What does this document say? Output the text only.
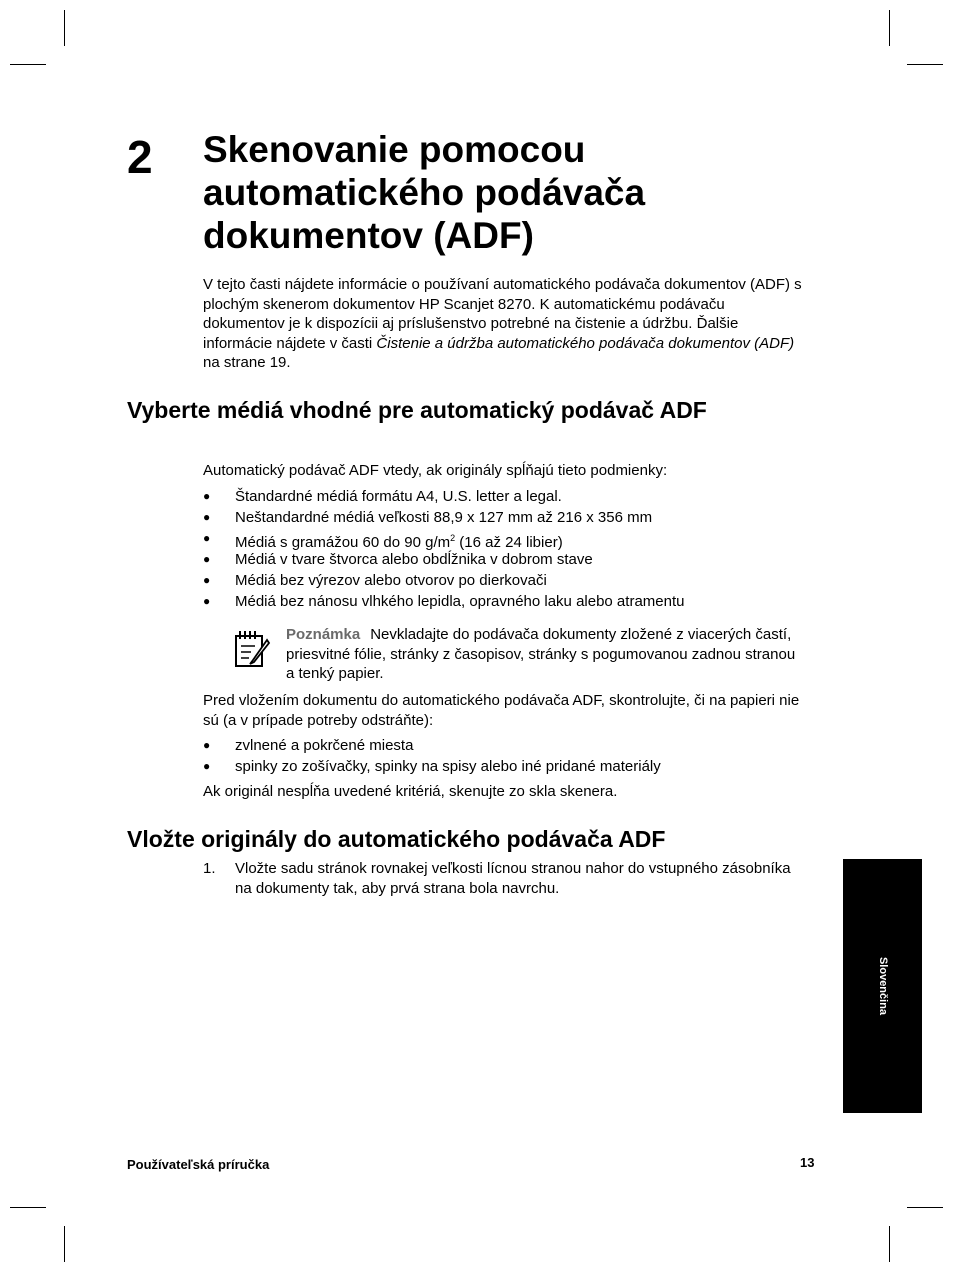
2 Skenovanie pomocou
automatického podávača
dokumentov (ADF)

V tejto časti nájdete informácie o používaní automatického podávača dokumentov (ADF) s plochým skenerom dokumentov HP Scanjet 8270. K automatickému podávaču dokumentov je k dispozícii aj príslušenstvo potrebné na čistenie a údržbu. Ďalšie informácie nájdete v časti Čistenie a údržba automatického podávača dokumentov (ADF) na strane 19.

Vyberte médiá vhodné pre automatický podávač ADF

Automatický podávač ADF vtedy, ak originály spĺňajú tieto podmienky:

● Štandardné médiá formátu A4, U.S. letter a legal.
● Neštandardné médiá veľkosti 88,9 x 127 mm až 216 x 356 mm
● Médiá s gramážou 60 do 90 $g/m^2$ (16 až 24 libier)
● Médiá v tvare štvorca alebo obdĺžnika v dobrom stave
● Médiá bez výrezov alebo otvorov po dierkovači
● Médiá bez nánosu vlhkého lepidla, opravného laku alebo atramentu

Poznámka Nevkladajte do podávača dokumenty zložené z viacerých častí, priesvitné fólie, stránky z časopisov, stránky s pogumovanou zadnou stranou a tenký papier.

Pred vložením dokumentu do automatického podávača ADF, skontrolujte, či na papieri nie sú (a v prípade potreby odstráňte):

● zvlnené a pokrčené miesta
● spinky zo zošívačky, spinky na spisy alebo iné pridané materiály

Ak originál nespĺňa uvedené kritériá, skenujte zo skla skenera.

Vložte originály do automatického podávača ADF
1. Vložte sadu stránok rovnakej veľkosti lícnou stranou nahor do vstupného zásobníka na dokumenty tak, aby prvá strana bola navrchu.

Slovenčina
Používateľská príručka	13
